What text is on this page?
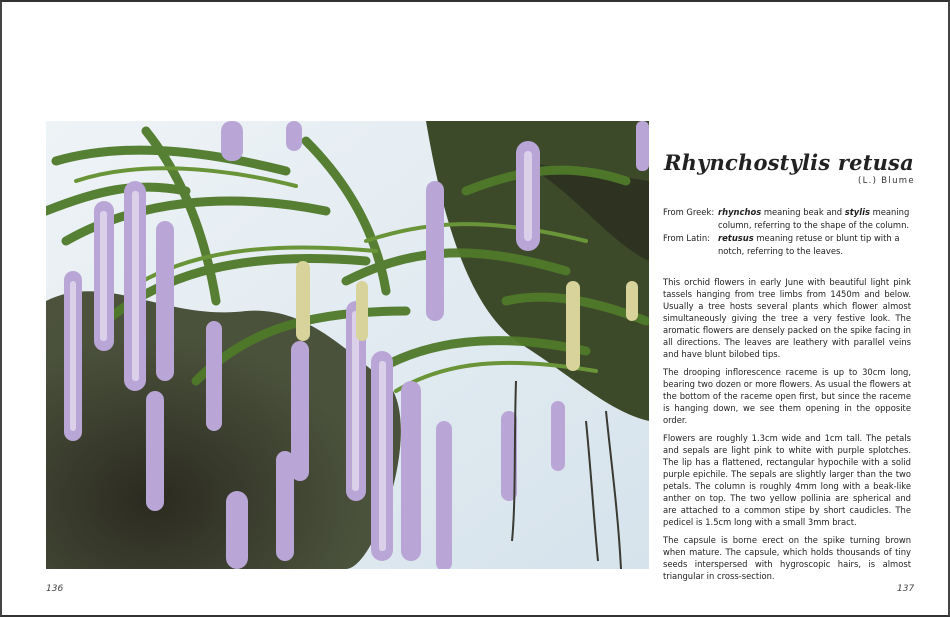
Rhynchostylis retusa
(L.) Blume
From Greek: rhynchos meaning beak and stylis meaning column, referring to the shape of the column.
From Latin: retusus meaning retuse or blunt tip with a notch, referring to the leaves.

This orchid flowers in early June with beautiful light pink tassels hanging from tree limbs from 1450m and below. Usually a tree hosts several plants which flower almost simultaneously giving the tree a very festive look. The aromatic flowers are densely packed on the spike facing in all directions. The leaves are leathery with parallel veins and have blunt bilobed tips.

The drooping inflorescence raceme is up to 30cm long, bearing two dozen or more flowers. As usual the flowers at the bottom of the raceme open first, but since the raceme is hanging down, we see them opening in the opposite order.

Flowers are roughly 1.3cm wide and 1cm tall. The petals and sepals are light pink to white with purple splotches. The lip has a flattened, rectangular hypochile with a solid purple epichile. The sepals are slightly larger than the two petals. The column is roughly 4mm long with a beak-like anther on top. The two yellow pollinia are spherical and are attached to a common stipe by short caudicles. The pedicel is 1.5cm long with a small 3mm bract.

The capsule is borne erect on the spike turning brown when mature. The capsule, which holds thousands of tiny seeds interspersed with hygroscopic hairs, is almost triangular in cross-section.

136	137
